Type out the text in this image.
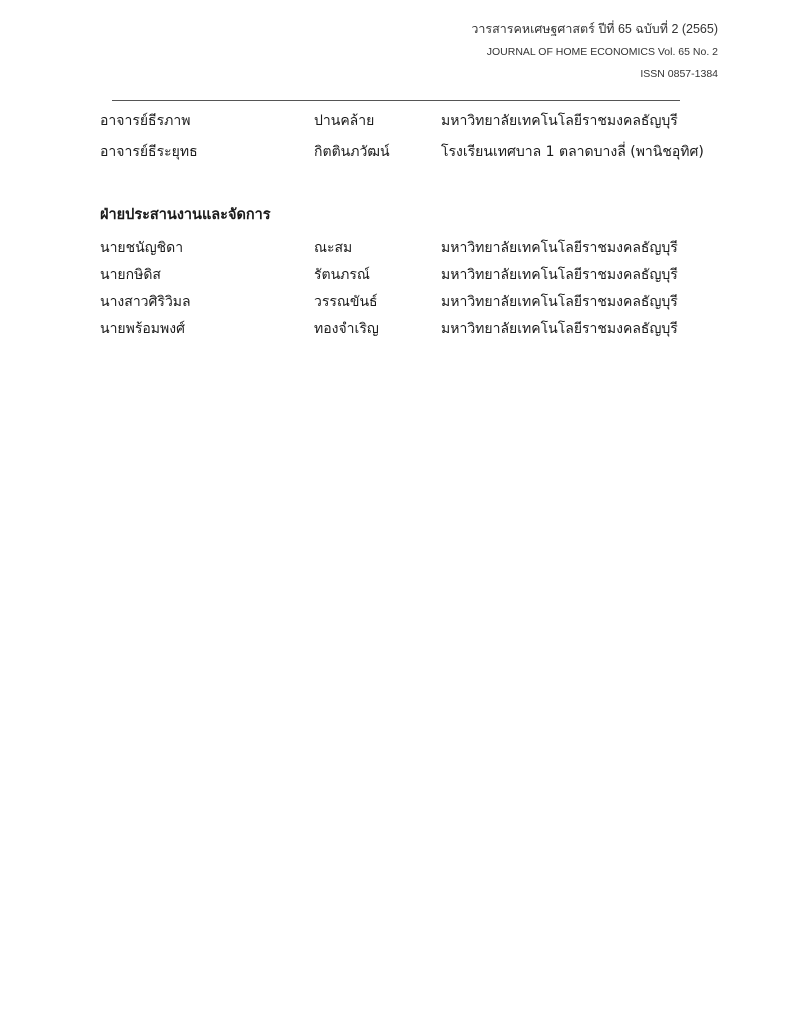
วารสารคหเศษฐศาสตร์ ปีที่ 65 ฉบับที่ 2 (2565)
JOURNAL OF HOME ECONOMICS Vol. 65 No. 2
ISSN 0857-1384
อาจารย์ธีรภาพ	ปานคล้าย	มหาวิทยาลัยเทคโนโลยีราชมงคลธัญบุรี
อาจารย์ธีระยุทธ	กิตตินภวัฒน์	โรงเรียนเทศบาล 1 ตลาดบางลี่ (พานิชอุทิศ)
ฝ่ายประสานงานและจัดการ
นายชนัญชิดา	ณะสม	มหาวิทยาลัยเทคโนโลยีราชมงคลธัญบุรี
นายกษิดิส	รัตนภรณ์	มหาวิทยาลัยเทคโนโลยีราชมงคลธัญบุรี
นางสาวศิริวิมล	วรรณขันธ์	มหาวิทยาลัยเทคโนโลยีราชมงคลธัญบุรี
นายพร้อมพงศ์	ทองจำเริญ	มหาวิทยาลัยเทคโนโลยีราชมงคลธัญบุรี
